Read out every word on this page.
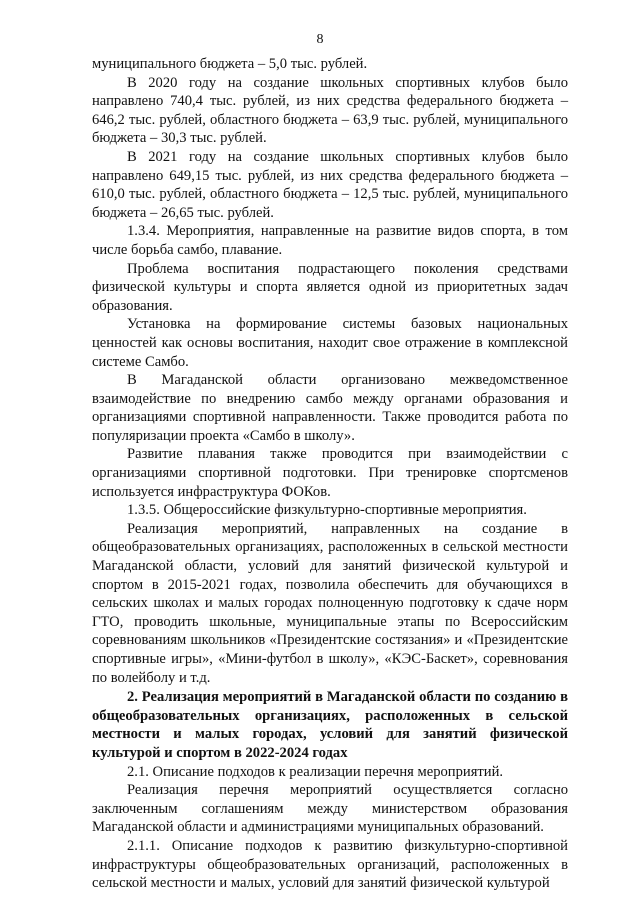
8

муниципального бюджета – 5,0 тыс. рублей.

В 2020 году на создание школьных спортивных клубов было направлено 740,4 тыс. рублей, из них средства федерального бюджета – 646,2 тыс. рублей, областного бюджета – 63,9 тыс. рублей, муниципального бюджета – 30,3 тыс. рублей.

В 2021 году на создание школьных спортивных клубов было направлено 649,15 тыс. рублей, из них средства федерального бюджета – 610,0 тыс. рублей, областного бюджета – 12,5 тыс. рублей, муниципального бюджета – 26,65 тыс. рублей.

1.3.4. Мероприятия, направленные на развитие видов спорта, в том числе борьба самбо, плавание.

Проблема воспитания подрастающего поколения средствами физической культуры и спорта является одной из приоритетных задач образования.

Установка на формирование системы базовых национальных ценностей как основы воспитания, находит свое отражение в комплексной системе Самбо.

В Магаданской области организовано межведомственное взаимодействие по внедрению самбо между органами образования и организациями спортивной направленности. Также проводится работа по популяризации проекта «Самбо в школу».

Развитие плавания также проводится при взаимодействии с организациями спортивной подготовки. При тренировке спортсменов используется инфраструктура ФОКов.

1.3.5. Общероссийские физкультурно-спортивные мероприятия.

Реализация мероприятий, направленных на создание в общеобразовательных организациях, расположенных в сельской местности Магаданской области, условий для занятий физической культурой и спортом в 2015-2021 годах, позволила обеспечить для обучающихся в сельских школах и малых городах полноценную подготовку к сдаче норм ГТО, проводить школьные, муниципальные этапы по Всероссийским соревнованиям школьников «Президентские состязания» и «Президентские спортивные игры», «Мини-футбол в школу», «КЭС-Баскет», соревнования по волейболу и т.д.

2. Реализация мероприятий в Магаданской области по созданию в общеобразовательных организациях, расположенных в сельской местности и малых городах, условий для занятий физической культурой и спортом в 2022-2024 годах

2.1. Описание подходов к реализации перечня мероприятий.

Реализация перечня мероприятий осуществляется согласно заключенным соглашениям между министерством образования Магаданской области и администрациями муниципальных образований.

2.1.1. Описание подходов к развитию физкультурно-спортивной инфраструктуры общеобразовательных организаций, расположенных в сельской местности и малых, условий для занятий физической культурой
